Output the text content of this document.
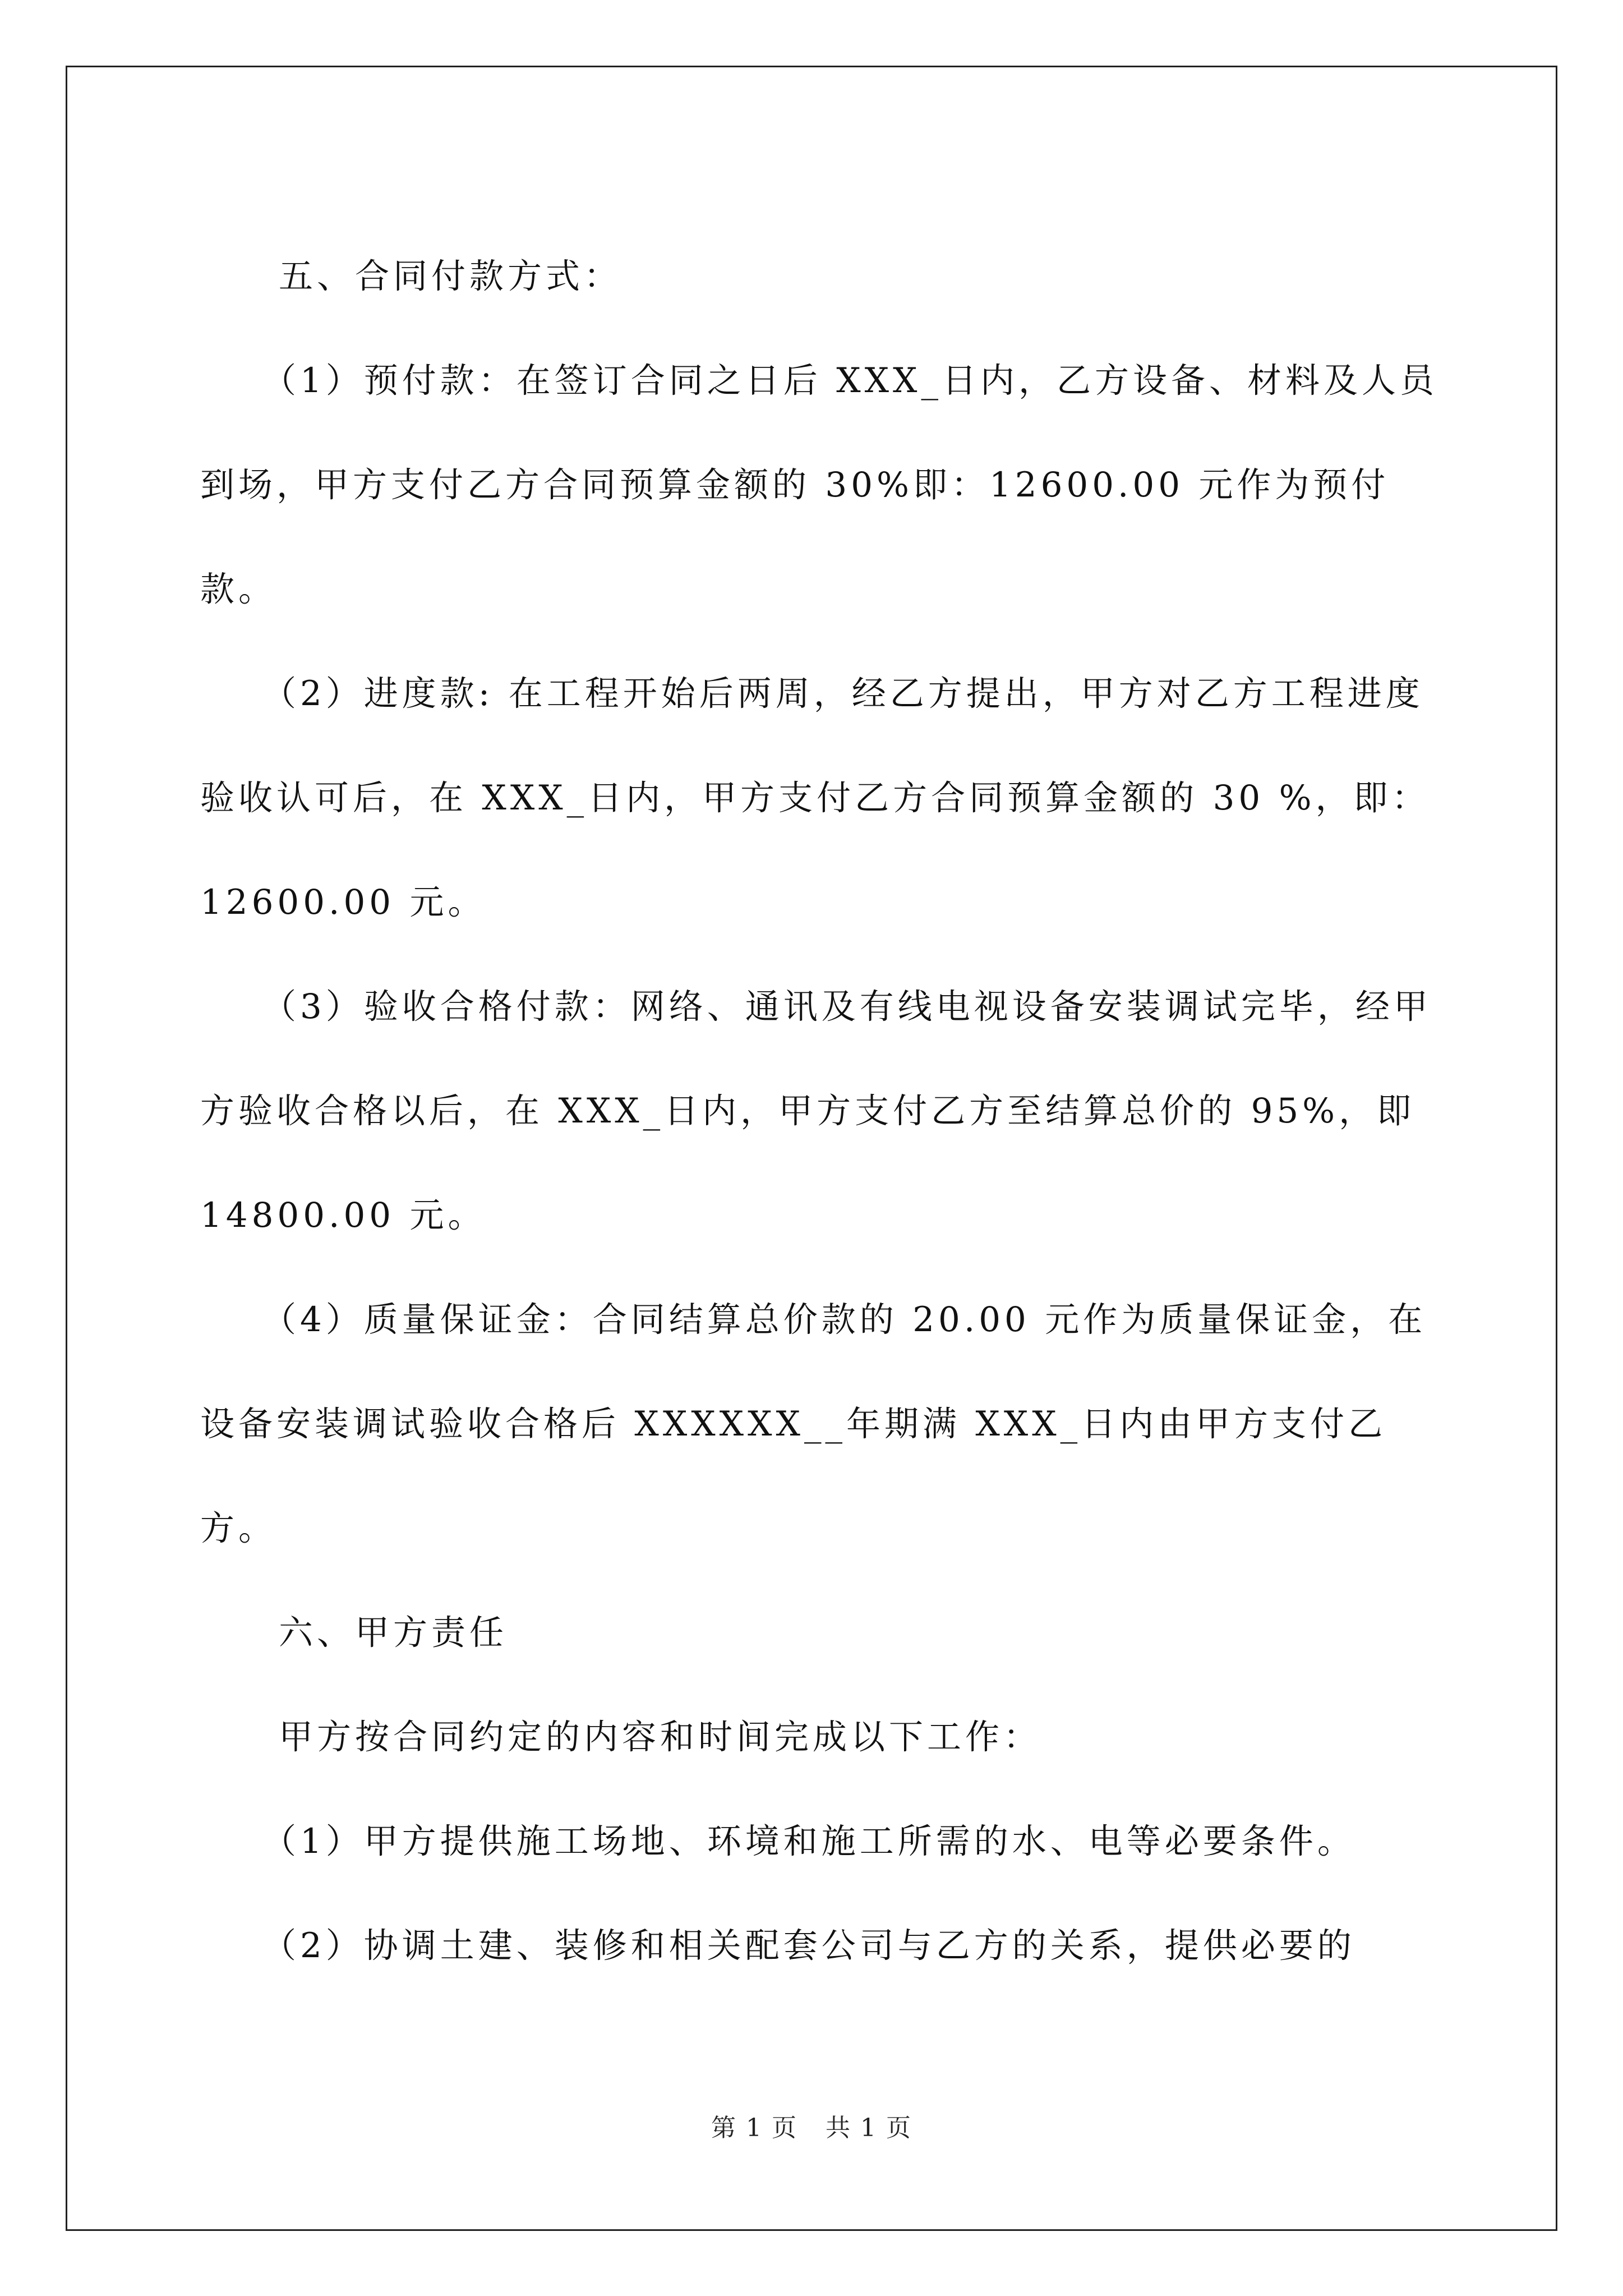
五、合同付款方式：

（1）预付款：在签订合同之日后 XXX_日内，乙方设备、材料及人员到场，甲方支付乙方合同预算金额的 30%即：12600.00 元作为预付款。

（2）进度款: 在工程开始后两周，经乙方提出，甲方对乙方工程进度验收认可后，在 XXX_日内，甲方支付乙方合同预算金额的 30 %，即：12600.00 元。

（3）验收合格付款：网络、通讯及有线电视设备安装调试完毕，经甲方验收合格以后，在 XXX_日内，甲方支付乙方至结算总价的 95%，即 14800.00 元。

（4）质量保证金：合同结算总价款的 20.00 元作为质量保证金，在设备安装调试验收合格后 XXXXXX__年期满 XXX_日内由甲方支付乙方。

六、甲方责任

甲方按合同约定的内容和时间完成以下工作：

（1）甲方提供施工场地、环境和施工所需的水、电等必要条件。

（2）协调土建、装修和相关配套公司与乙方的关系，提供必要的

第 1 页 共 1 页
